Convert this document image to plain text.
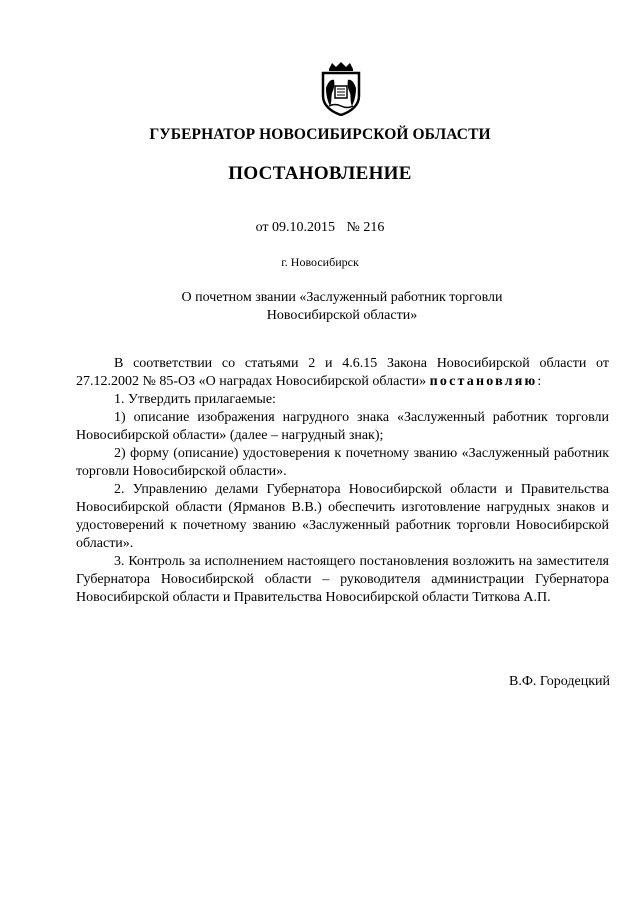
ГУБЕРНАТОР НОВОСИБИРСКОЙ ОБЛАСТИ
ПОСТАНОВЛЕНИЕ
от 09.10.2015 № 216
г. Новосибирск
О почетном звании «Заслуженный работник торговли
Новосибирской области»

В соответствии со статьями 2 и 4.6.15 Закона Новосибирской области от 27.12.2002 № 85-ОЗ «О наградах Новосибирской области» постановляю:

1. Утвердить прилагаемые:

1) описание изображения нагрудного знака «Заслуженный работник торговли Новосибирской области» (далее – нагрудный знак);

2) форму (описание) удостоверения к почетному званию «Заслуженный работник торговли Новосибирской области».

2. Управлению делами Губернатора Новосибирской области и Правительства Новосибирской области (Ярманов В.В.) обеспечить изготовление нагрудных знаков и удостоверений к почетному званию «Заслуженный работник торговли Новосибирской области».

3. Контроль за исполнением настоящего постановления возложить на заместителя Губернатора Новосибирской области – руководителя администрации Губернатора Новосибирской области и Правительства Новосибирской области Титкова А.П.

В.Ф. Городецкий
